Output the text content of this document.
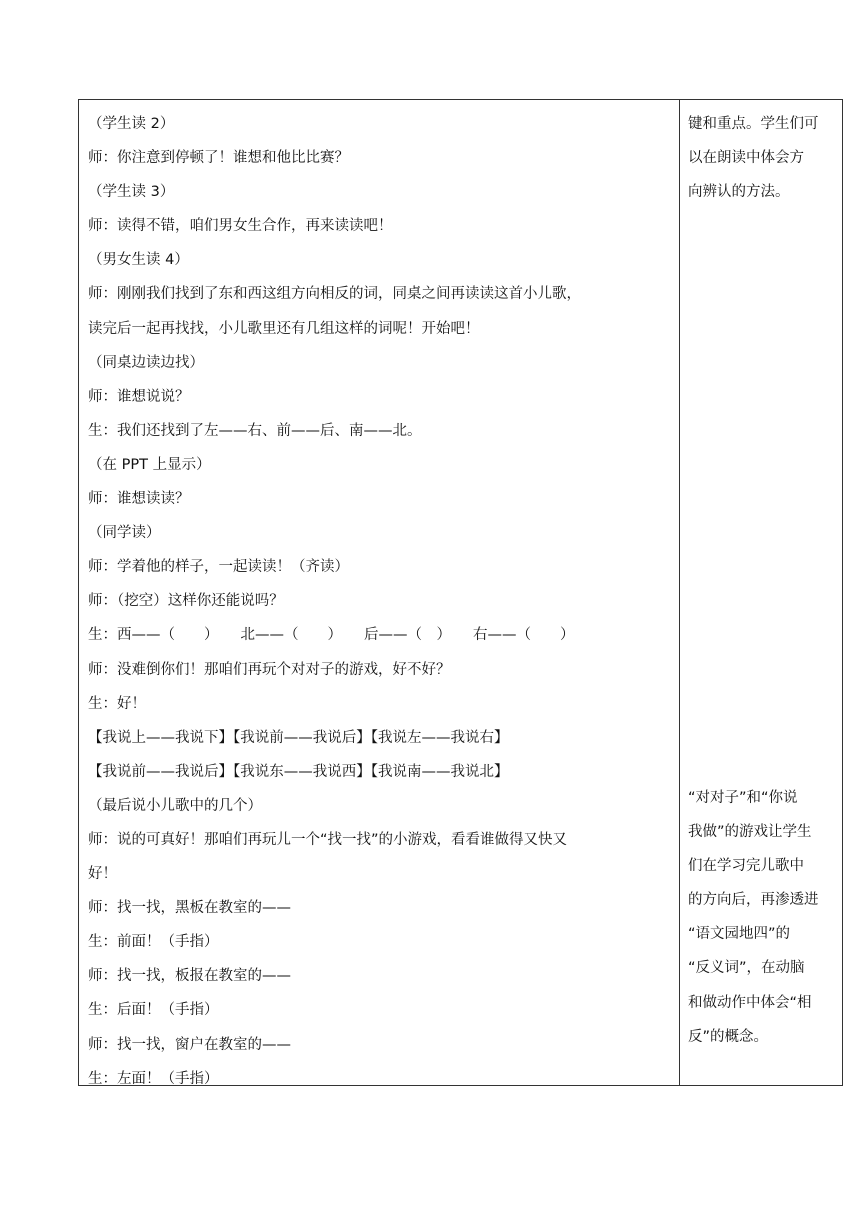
（学生读 2）
师：你注意到停顿了！谁想和他比比赛？
（学生读 3）
师：读得不错，咱们男女生合作，再来读读吧！
（男女生读 4）
师：刚刚我们找到了东和西这组方向相反的词，同桌之间再读读这首小儿歌，
读完后一起再找找，小儿歌里还有几组这样的词呢！开始吧！
（同桌边读边找）
师：谁想说说？
生：我们还找到了左——右、前——后、南——北。
（在 PPT 上显示）
师：谁想读读？
（同学读）
师：学着他的样子，一起读读！（齐读）
师：（挖空）这样你还能说吗？
生：西——（　　） 北——（　　） 后——（　） 右——（　　）
师：没难倒你们！那咱们再玩个对对子的游戏，好不好？
生：好！
【我说上——我说下】【我说前——我说后】【我说左——我说右】
【我说前——我说后】【我说东——我说西】【我说南——我说北】
（最后说小儿歌中的几个）
师：说的可真好！那咱们再玩儿一个“找一找”的小游戏，看看谁做得又快又
好！
师：找一找，黑板在教室的——
生：前面！（手指）
师：找一找，板报在教室的——
生：后面！（手指）
师：找一找，窗户在教室的——
生：左面！（手指）

键和重点。学生们可
以在朗读中体会方
向辨认的方法。
“对对子”和“你说
我做”的游戏让学生
们在学习完儿歌中
的方向后，再渗透进
“语文园地四”的
“反义词”，在动脑
和做动作中体会“相
反”的概念。
